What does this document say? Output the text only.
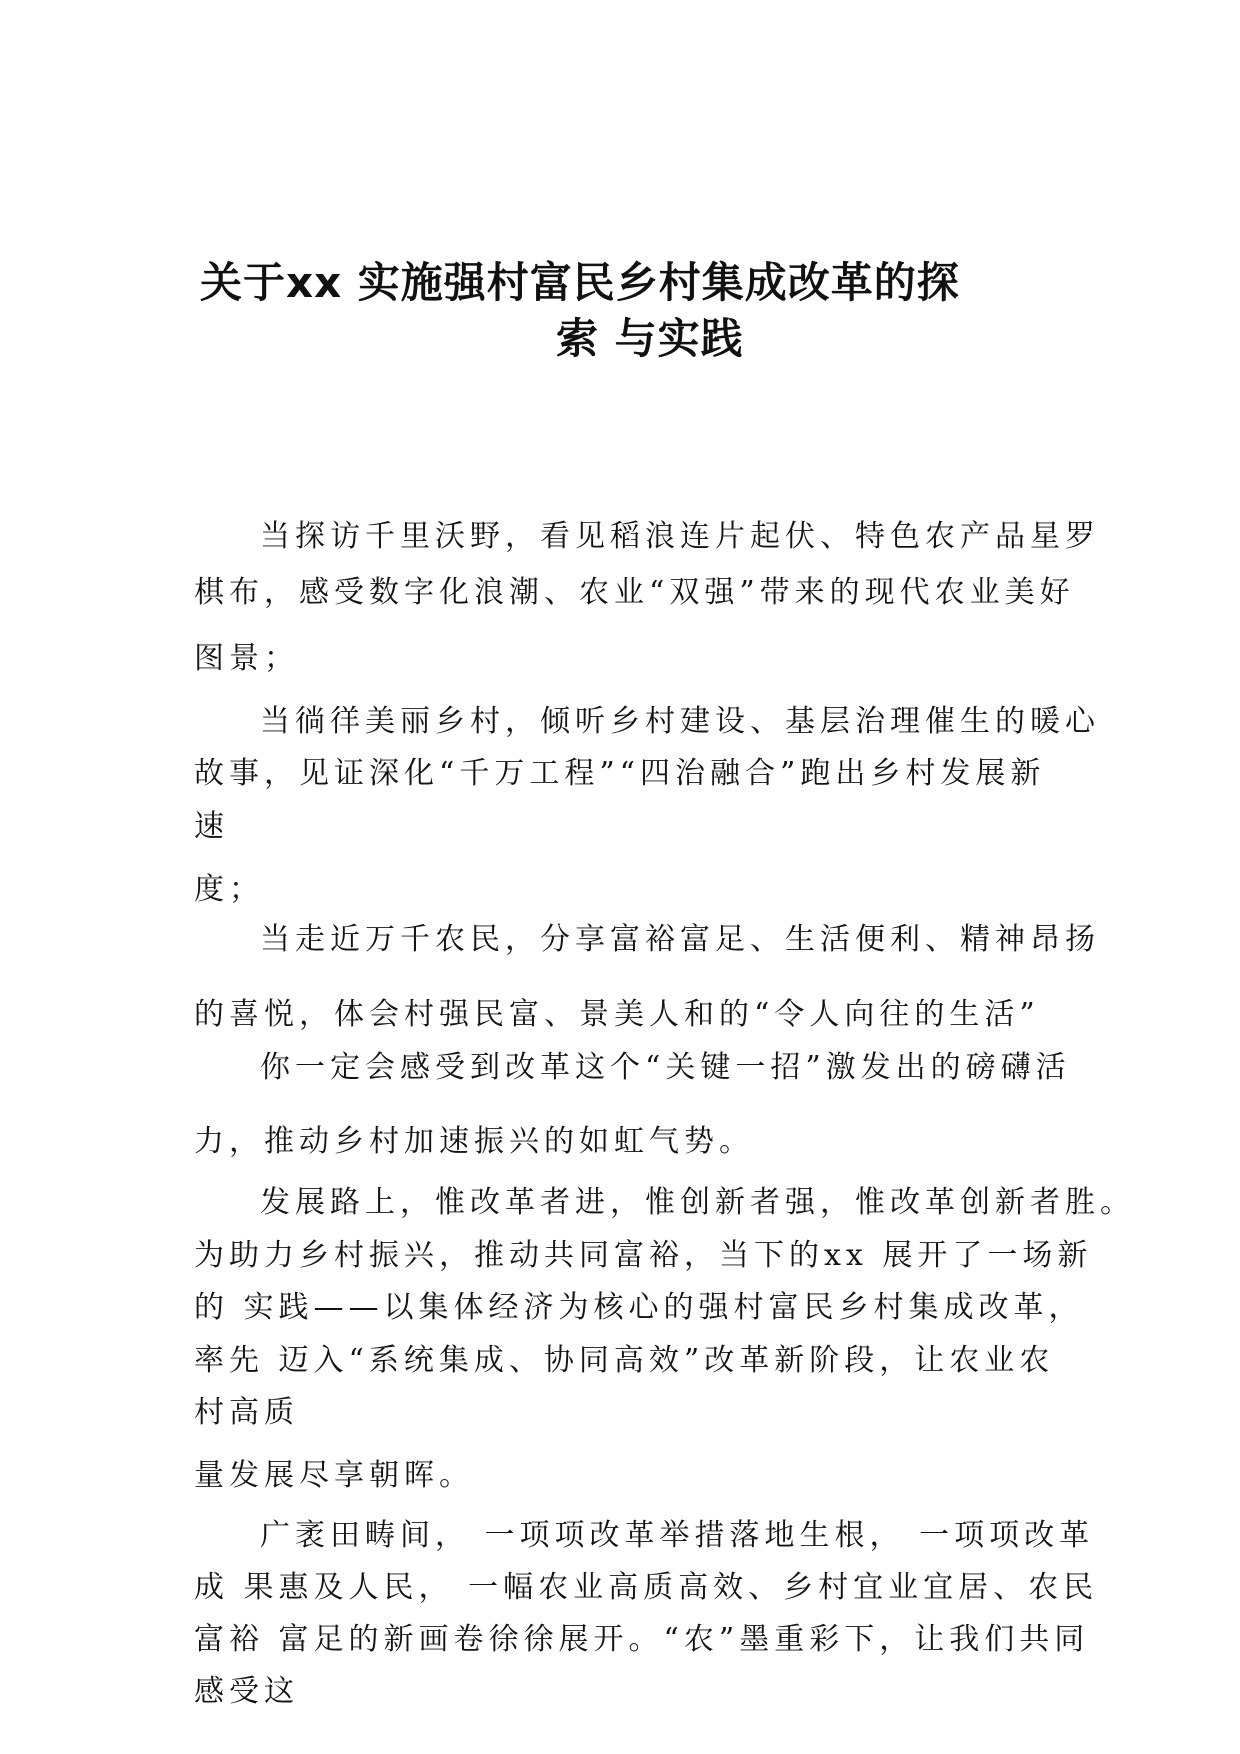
关于xx 实施强村富民乡村集成改革的探
索 与实践
当探访千里沃野，看见稻浪连片起伏、特色农产品星罗
棋布，感受数字化浪潮、农业“双强”带来的现代农业美好
图景；
当徜徉美丽乡村，倾听乡村建设、基层治理催生的暖心
故事，见证深化“千万工程”“四治融合”跑出乡村发展新
速
度；
当走近万千农民，分享富裕富足、生活便利、精神昂扬
的喜悦，体会村强民富、景美人和的“令人向往的生活”
你一定会感受到改革这个“关键一招”激发出的磅礴活
力，推动乡村加速振兴的如虹气势。
发展路上，惟改革者进，惟创新者强，惟改革创新者胜。
为助力乡村振兴，推动共同富裕，当下的xx 展开了一场新
的 实践——以集体经济为核心的强村富民乡村集成改革，
率先 迈入“系统集成、协同高效”改革新阶段，让农业农
村高质
量发展尽享朝晖。
广袤田畴间， 一项项改革举措落地生根， 一项项改革
成 果惠及人民， 一幅农业高质高效、乡村宜业宜居、农民
富裕 富足的新画卷徐徐展开。“农”墨重彩下，让我们共同
感受这
